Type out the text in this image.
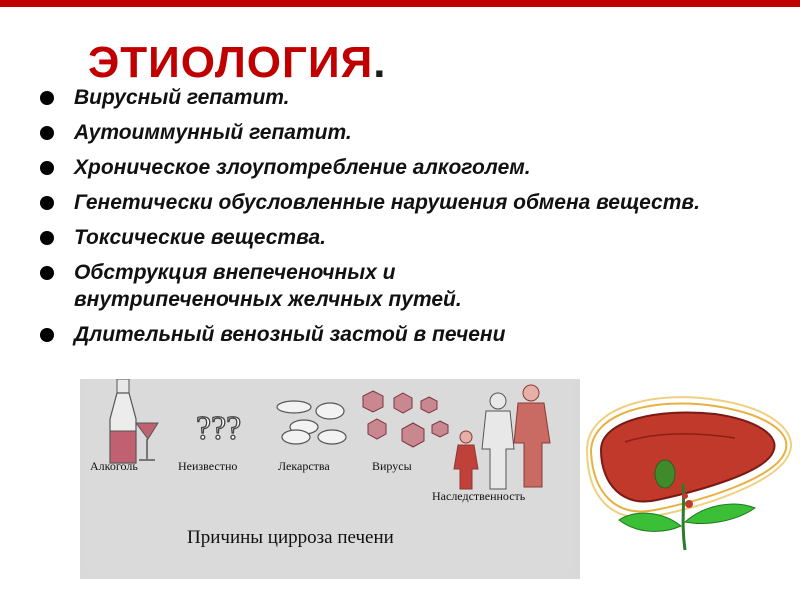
ЭТИОЛОГИЯ.
Вирусный гепатит.
Аутоиммунный гепатит.
Хроническое злоупотребление алкоголем.
Генетически обусловленные нарушения обмена веществ.
Токсические вещества.
Обструкция внепеченочных и внутрипеченочных желчных путей.
Длительный венозный застой в печени
???
Алкоголь	Неизвестно	Лекарства	Вирусы
Наследственность
Причины цирроза печени
